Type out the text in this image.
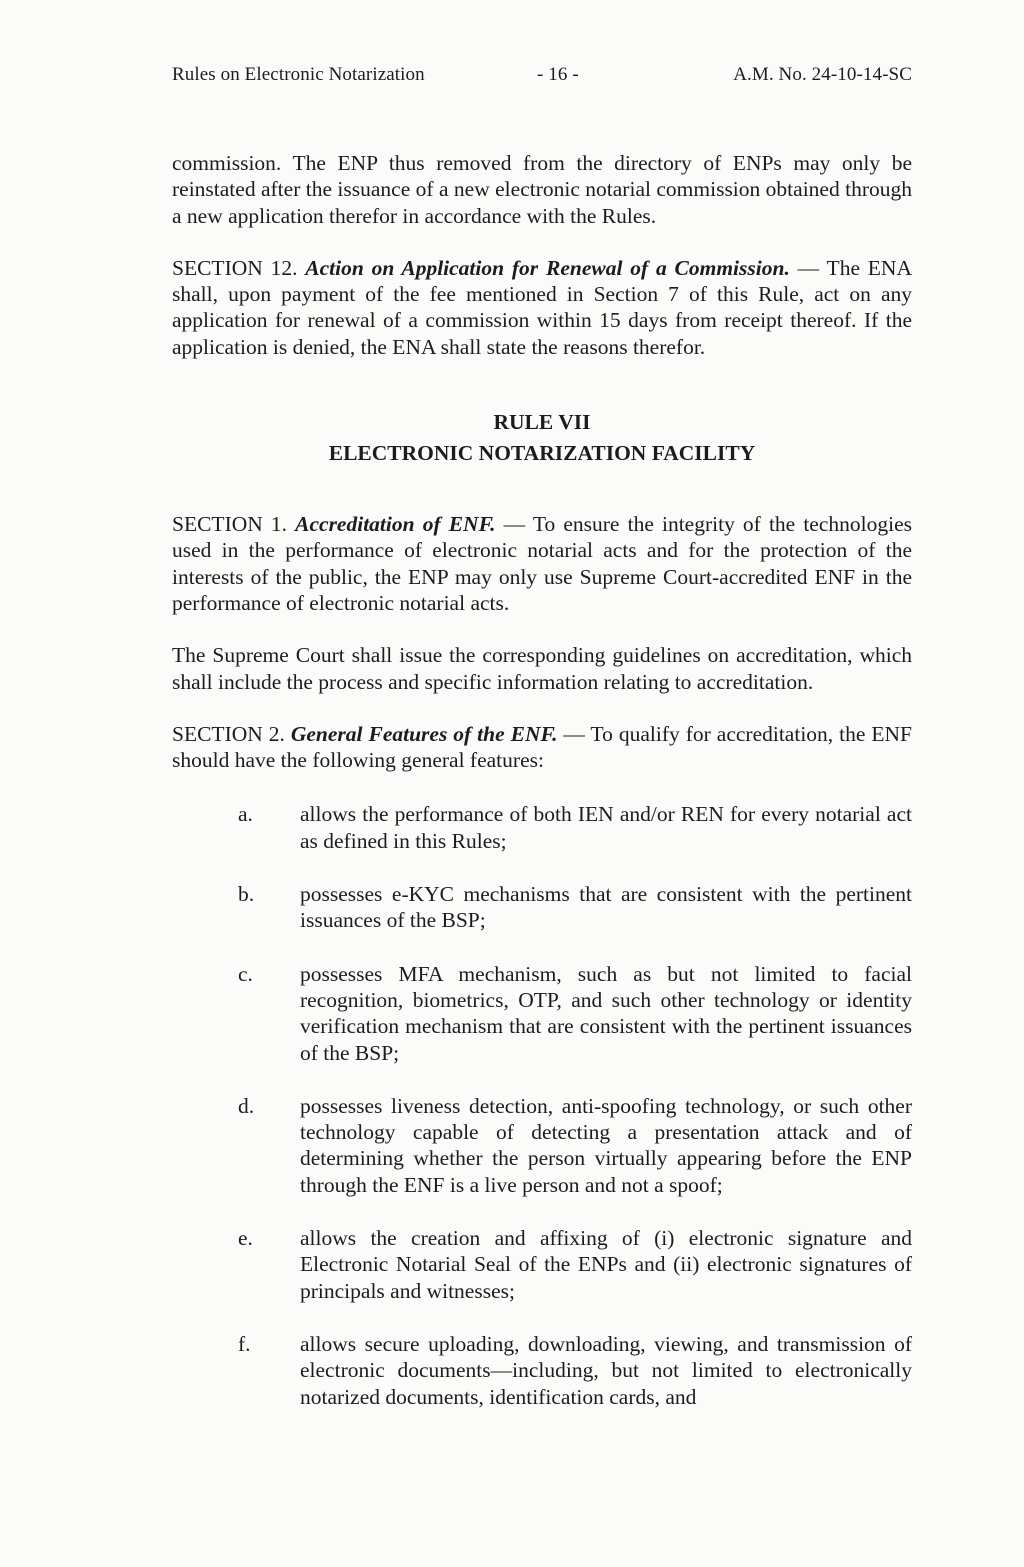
Rules on Electronic Notarization	- 16 -	A.M. No. 24-10-14-SC

commission. The ENP thus removed from the directory of ENPs may only be reinstated after the issuance of a new electronic notarial commission obtained through a new application therefor in accordance with the Rules.

SECTION 12. Action on Application for Renewal of a Commission. — The ENA shall, upon payment of the fee mentioned in Section 7 of this Rule, act on any application for renewal of a commission within 15 days from receipt thereof. If the application is denied, the ENA shall state the reasons therefor.

RULE VII
ELECTRONIC NOTARIZATION FACILITY

SECTION 1. Accreditation of ENF. — To ensure the integrity of the technologies used in the performance of electronic notarial acts and for the protection of the interests of the public, the ENP may only use Supreme Court-accredited ENF in the performance of electronic notarial acts.

The Supreme Court shall issue the corresponding guidelines on accreditation, which shall include the process and specific information relating to accreditation.

SECTION 2. General Features of the ENF. — To qualify for accreditation, the ENF should have the following general features:

a.	allows the performance of both IEN and/or REN for every notarial act as defined in this Rules;
b.	possesses e-KYC mechanisms that are consistent with the pertinent issuances of the BSP;
c.	possesses MFA mechanism, such as but not limited to facial recognition, biometrics, OTP, and such other technology or identity verification mechanism that are consistent with the pertinent issuances of the BSP;
d.	possesses liveness detection, anti-spoofing technology, or such other technology capable of detecting a presentation attack and of determining whether the person virtually appearing before the ENP through the ENF is a live person and not a spoof;
e.	allows the creation and affixing of (i) electronic signature and Electronic Notarial Seal of the ENPs and (ii) electronic signatures of principals and witnesses;
f.	allows secure uploading, downloading, viewing, and transmission of electronic documents—including, but not limited to electronically notarized documents, identification cards, and
